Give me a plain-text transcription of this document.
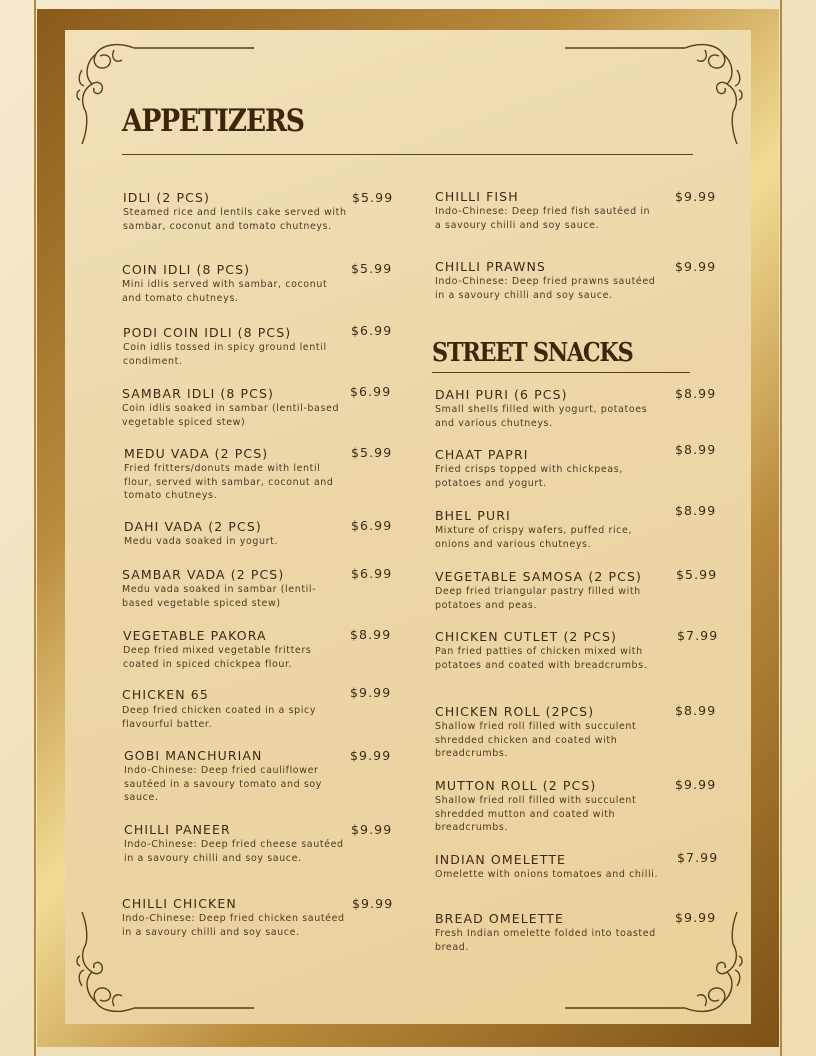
APPETIZERS
STREET SNACKS
IDLI (2 PCS)
Steamed rice and lentils cake served with sambar, coconut and tomato chutneys.
$5.99
COIN IDLI (8 PCS)
Mini idlis served with sambar, coconut and tomato chutneys.
$5.99
PODI COIN IDLI (8 PCS)
Coin idlis tossed in spicy ground lentil condiment.
$6.99
SAMBAR IDLI (8 PCS)
Coin idlis soaked in sambar (lentil-based vegetable spiced stew)
$6.99
MEDU VADA (2 PCS)
Fried fritters/donuts made with lentil flour, served with sambar, coconut and tomato chutneys.
$5.99
DAHI VADA (2 PCS)
Medu vada soaked in yogurt.
$6.99
SAMBAR VADA (2 PCS)
Medu vada soaked in sambar (lentil-based vegetable spiced stew)
$6.99
VEGETABLE PAKORA
Deep fried mixed vegetable fritters coated in spiced chickpea flour.
$8.99
CHICKEN 65
Deep fried chicken coated in a spicy flavourful batter.
$9.99
GOBI MANCHURIAN
Indo-Chinese: Deep fried cauliflower sautéed in a savoury tomato and soy sauce.
$9.99
CHILLI PANEER
Indo-Chinese: Deep fried cheese sautéed in a savoury chilli and soy sauce.
$9.99
CHILLI CHICKEN
Indo-Chinese: Deep fried chicken sautéed in a savoury chilli and soy sauce.
$9.99
CHILLI FISH
Indo-Chinese: Deep fried fish sautéed in a savoury chilli and soy sauce.
$9.99
CHILLI PRAWNS
Indo-Chinese: Deep fried prawns sautéed in a savoury chilli and soy sauce.
$9.99
DAHI PURI (6 PCS)
Small shells filled with yogurt, potatoes and various chutneys.
$8.99
CHAAT PAPRI
Fried crisps topped with chickpeas, potatoes and yogurt.
$8.99
BHEL PURI
Mixture of crispy wafers, puffed rice, onions and various chutneys.
$8.99
VEGETABLE SAMOSA (2 PCS)
Deep fried triangular pastry filled with potatoes and peas.
$5.99
CHICKEN CUTLET (2 PCS)
Pan fried patties of chicken mixed with potatoes and coated with breadcrumbs.
$7.99
CHICKEN ROLL (2PCS)
Shallow fried roll filled with succulent shredded chicken and coated with breadcrumbs.
$8.99
MUTTON ROLL (2 PCS)
Shallow fried roll filled with succulent shredded mutton and coated with breadcrumbs.
$9.99
INDIAN OMELETTE
Omelette with onions tomatoes and chilli.
$7.99
BREAD OMELETTE
Fresh Indian omelette folded into toasted bread.
$9.99
